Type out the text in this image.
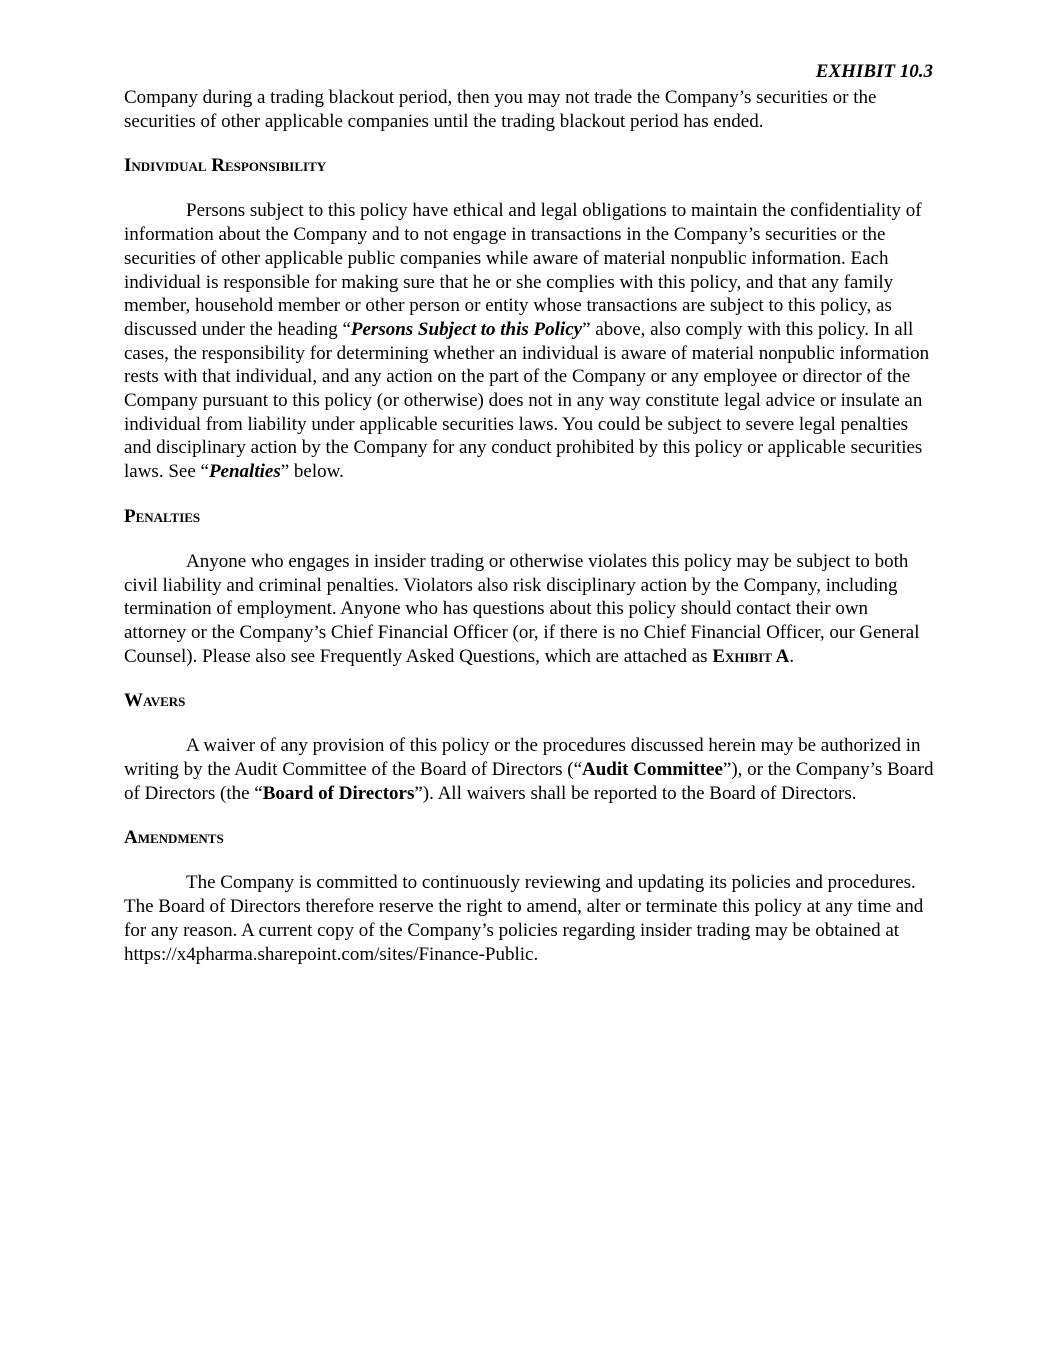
EXHIBIT 10.3

Company during a trading blackout period, then you may not trade the Company’s securities or the securities of other applicable companies until the trading blackout period has ended.

Individual Responsibility

Persons subject to this policy have ethical and legal obligations to maintain the confidentiality of information about the Company and to not engage in transactions in the Company’s securities or the securities of other applicable public companies while aware of material nonpublic information. Each individual is responsible for making sure that he or she complies with this policy, and that any family member, household member or other person or entity whose transactions are subject to this policy, as discussed under the heading “Persons Subject to this Policy” above, also comply with this policy. In all cases, the responsibility for determining whether an individual is aware of material nonpublic information rests with that individual, and any action on the part of the Company or any employee or director of the Company pursuant to this policy (or otherwise) does not in any way constitute legal advice or insulate an individual from liability under applicable securities laws. You could be subject to severe legal penalties and disciplinary action by the Company for any conduct prohibited by this policy or applicable securities laws. See “Penalties” below.

Penalties

Anyone who engages in insider trading or otherwise violates this policy may be subject to both civil liability and criminal penalties. Violators also risk disciplinary action by the Company, including termination of employment. Anyone who has questions about this policy should contact their own attorney or the Company’s Chief Financial Officer (or, if there is no Chief Financial Officer, our General Counsel). Please also see Frequently Asked Questions, which are attached as Exhibit A.

Wavers

A waiver of any provision of this policy or the procedures discussed herein may be authorized in writing by the Audit Committee of the Board of Directors (“Audit Committee”), or the Company’s Board of Directors (the “Board of Directors”). All waivers shall be reported to the Board of Directors.

Amendments

The Company is committed to continuously reviewing and updating its policies and procedures. The Board of Directors therefore reserve the right to amend, alter or terminate this policy at any time and for any reason. A current copy of the Company’s policies regarding insider trading may be obtained at https://x4pharma.sharepoint.com/sites/Finance-Public.
